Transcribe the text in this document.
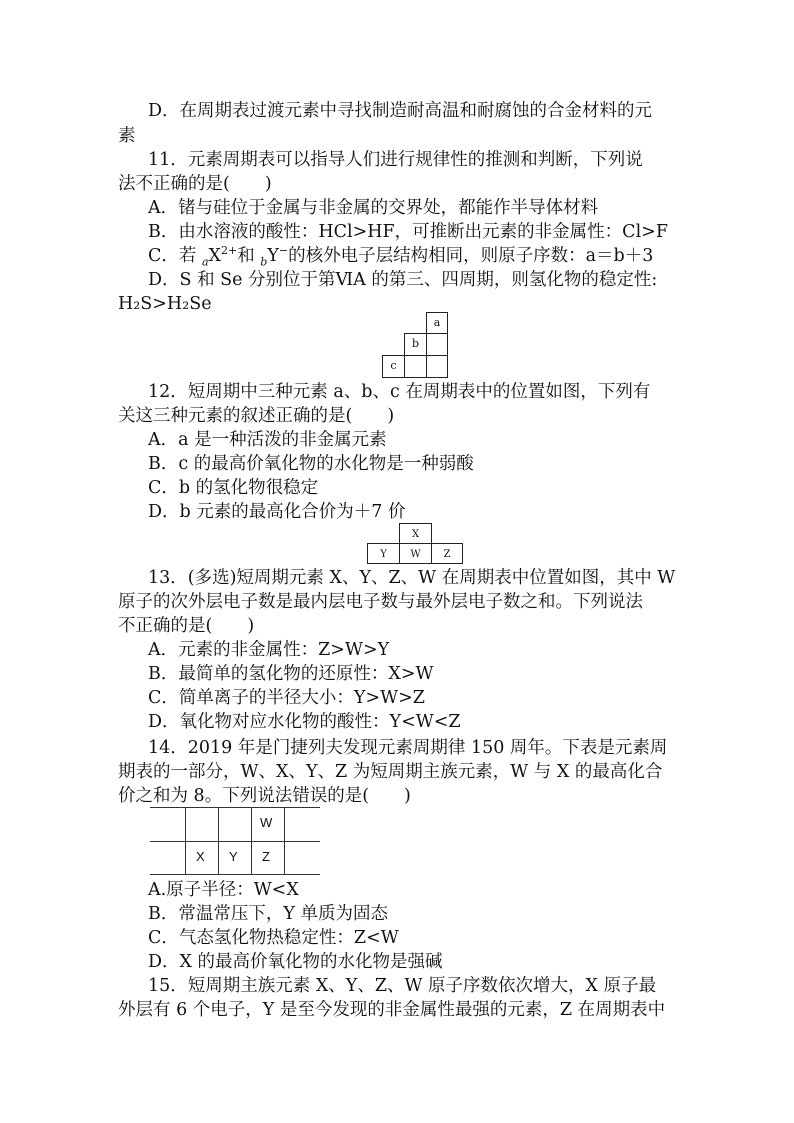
D．在周期表过渡元素中寻找制造耐高温和耐腐蚀的合金材料的元
素
11．元素周期表可以指导人们进行规律性的推测和判断，下列说
法不正确的是(　　)
A．锗与硅位于金属与非金属的交界处，都能作半导体材料
B．由水溶液的酸性：HCl>HF，可推断出元素的非金属性：Cl>F
C．若 $_aX^{2+}$和 $_b$Y−的核外电子层结构相同，则原子序数：a＝b＋3
D．S 和 Se 分别位于第ⅥA 的第三、四周期，则氢化物的稳定性:
H₂S>H₂Se
a
b
c
12．短周期中三种元素 a、b、c 在周期表中的位置如图，下列有
关这三种元素的叙述正确的是(　　)
A．a 是一种活泼的非金属元素
B．c 的最高价氧化物的水化物是一种弱酸
C．b 的氢化物很稳定
D．b 元素的最高化合价为＋7 价
X
Y	W	Z
13．(多选)短周期元素 X、Y、Z、W 在周期表中位置如图，其中 W
原子的次外层电子数是最内层电子数与最外层电子数之和。下列说法
不正确的是(　　)
A．元素的非金属性：Z>W>Y
B．最简单的氢化物的还原性：X>W
C．简单离子的半径大小：Y>W>Z
D．氧化物对应水化物的酸性：Y<W<Z
14．2019 年是门捷列夫发现元素周期律 150 周年。下表是元素周
期表的一部分，W、X、Y、Z 为短周期主族元素，W 与 X 的最高化合
价之和为 8。下列说法错误的是(　　)
W
X Y Z
A.原子半径：W<X
B．常温常压下，Y 单质为固态
C．气态氢化物热稳定性：Z<W
D．X 的最高价氧化物的水化物是强碱
15．短周期主族元素 X、Y、Z、W 原子序数依次增大，X 原子最
外层有 6 个电子，Y 是至今发现的非金属性最强的元素，Z 在周期表中
